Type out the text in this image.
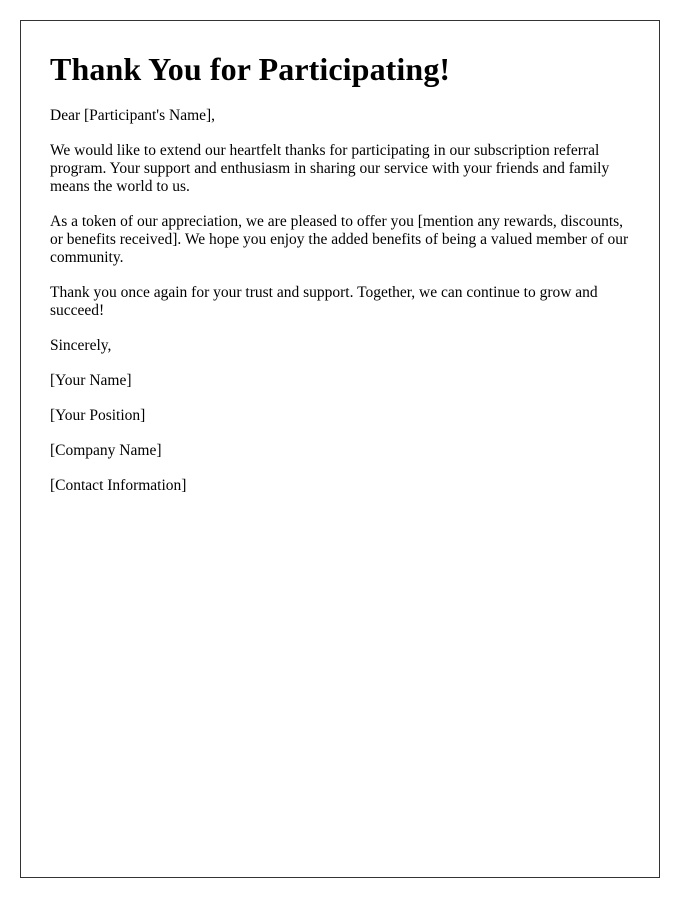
Thank You for Participating!

Dear [Participant's Name],

We would like to extend our heartfelt thanks for participating in our subscription referral program. Your support and enthusiasm in sharing our service with your friends and family means the world to us.

As a token of our appreciation, we are pleased to offer you [mention any rewards, discounts, or benefits received]. We hope you enjoy the added benefits of being a valued member of our community.

Thank you once again for your trust and support. Together, we can continue to grow and succeed!

Sincerely,

[Your Name]

[Your Position]

[Company Name]

[Contact Information]
